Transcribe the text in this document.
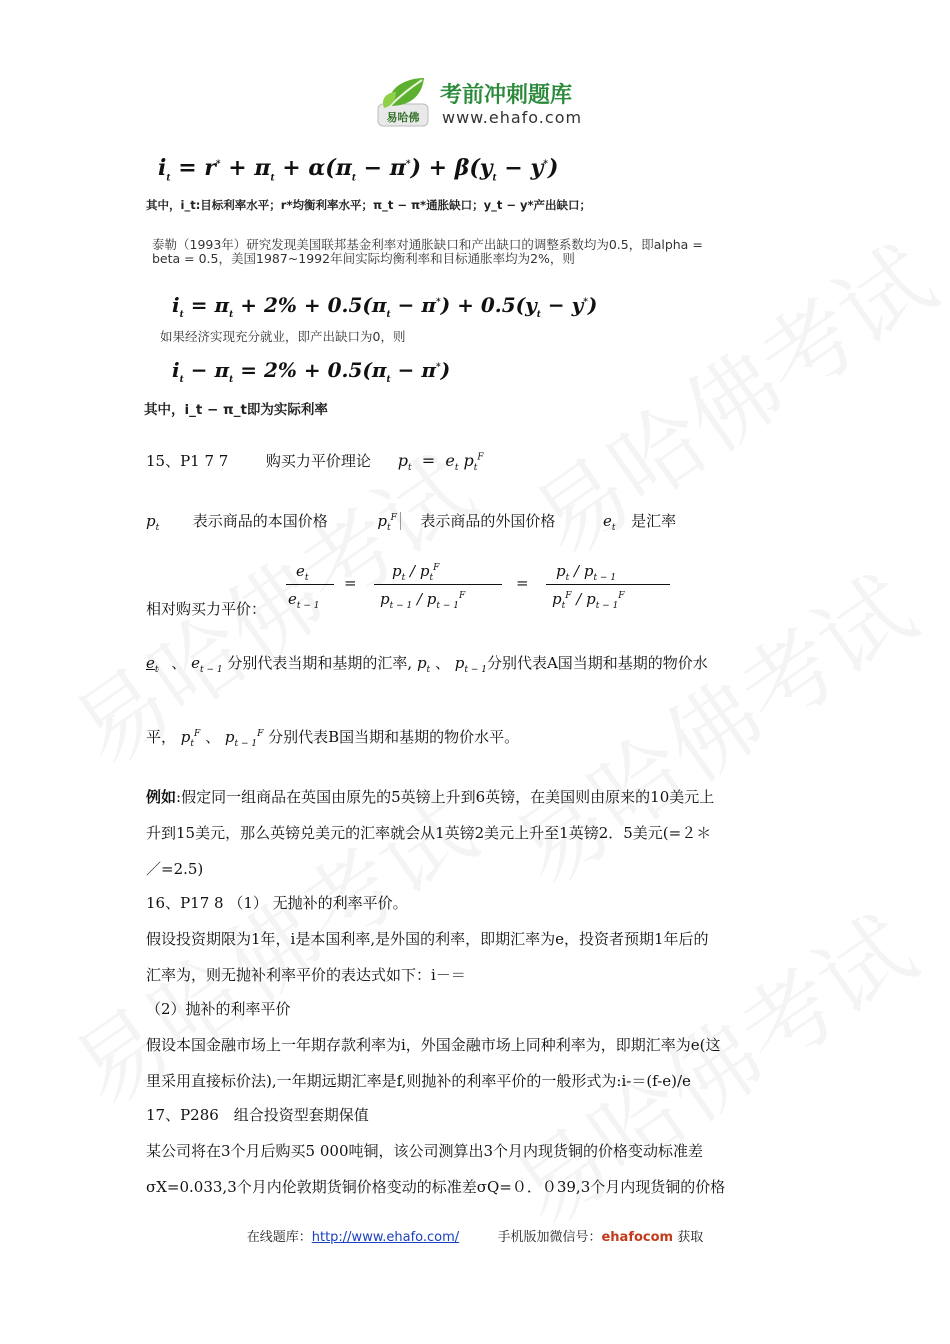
易哈佛
考前冲刺题库
www.ehafo.com
$i_t = r^* + \pi_t + \alpha(\pi_t - \pi^*) + \beta(y_t - y^*)$
其中，i_t:目标利率水平；r*均衡利率水平；π_t − π*通胀缺口；y_t − y*产出缺口；
泰勒（1993年）研究发现美国联邦基金利率对通胀缺口和产出缺口的调整系数均为0.5，即alpha = beta = 0.5，美国1987~1992年间实际均衡利率和目标通胀率均为2%，则
$i_t = \pi_t + 2\% + 0.5(\pi_t - \pi^*) + 0.5(y_t - y^*)$
如果经济实现充分就业，即产出缺口为0，则
$i_t - \pi_t = 2\% + 0.5(\pi_t - \pi^*)$
其中，i_t − π_t即为实际利率
15、P1 7 7	购买力平价理论 $p_t = e_t$ $p_t^F$
$p_t$ 表示商品的本国价格	$p_t^F$ 表示商品的外国价格	$e_t$ 是汇率
相对购买力平价：
$e_t$
$e_{t - 1}$
=
$p_t / p_t^F$
$p_{t - 1} / p_{t - 1}^F$
=
$p_t / p_{t - 1}$
$p_t^F / p_{t - 1}^F$
$e_t$ 、 $e_{t - 1}$ 分别代表当期和基期的汇率, $p_t$ 、 $p_{t - 1}$分别代表A国当期和基期的物价水
平， $p_t^F$ 、 $p_{t - 1}^F$ 分别代表B国当期和基期的物价水平。
例如:假定同一组商品在英国由原先的5英镑上升到6英镑，在美国则由原来的10美元上
升到15美元，那么英镑兑美元的汇率就会从1英镑2美元上升至1英镑2．5美元(=２＊
／=2.5)
16、P17 8 （1） 无抛补的利率平价。
假设投资期限为1年，i是本国利率,是外国的利率，即期汇率为e，投资者预期1年后的
汇率为，则无抛补利率平价的表达式如下：i－＝
（2）抛补的利率平价
假设本国金融市场上一年期存款利率为i，外国金融市场上同种利率为，即期汇率为e(这
里采用直接标价法),一年期远期汇率是f,则抛补的利率平价的一般形式为:i-＝(f-e)/e
17、P286　组合投资型套期保值
某公司将在3个月后购买5 000吨铜，该公司测算出3个月内现货铜的价格变动标准差
σX=0.033,3个月内伦敦期货铜价格变动的标准差σQ=０．０39,3个月内现货铜的价格
在线题库：http://www.ehafo.com/	手机版加微信号：ehafocom 获取
